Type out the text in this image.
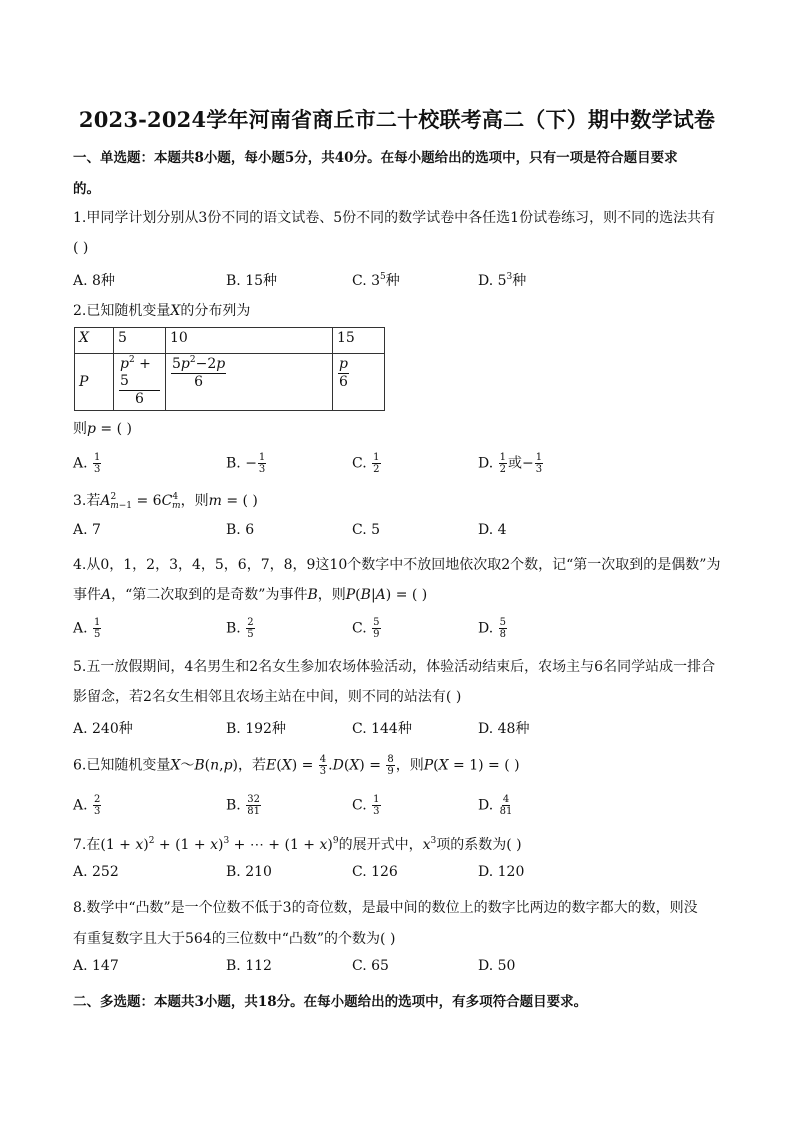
2023-2024学年河南省商丘市二十校联考高二（下）期中数学试卷
一、单选题：本题共8小题，每小题5分，共40分。在每小题给出的选项中，只有一项是符合题目要求
的。
1.甲同学计划分别从3份不同的语文试卷、5份不同的数学试卷中各任选1份试卷练习，则不同的选法共有
( )
A. 8种	B. 15种	C. $3^5$种	D. $5^3$种
2.已知随机变量X的分布列为
X	5	10	15
P	$\frac{p^2 + 5}{6}$	$\frac{5p^2-2p}{6}$	$\frac{p}{6}$
则p = ( )
A. $\frac{1}{3}$	B. − $\frac{1}{3}$	C. $\frac{1}{2}$	D. $\frac{1}{2}$ 或− $\frac{1}{3}$
3.若$A^2_{m-1} = 6C^4_m$，则m = ( )
A. 7	B. 6	C. 5	D. 4
4.从0，1，2，3，4，5，6，7，8，9这10个数字中不放回地依次取2个数，记“第一次取到的是偶数”为
事件A，“第二次取到的是奇数”为事件B，则P(B|A) = ( )
A. $\frac{1}{5}$	B. $\frac{2}{5}$	C. $\frac{5}{9}$	D. $\frac{5}{8}$
5.五一放假期间，4名男生和2名女生参加农场体验活动，体验活动结束后，农场主与6名同学站成一排合
影留念，若2名女生相邻且农场主站在中间，则不同的站法有( )
A. 240种	B. 192种	C. 144种	D. 48种
6.已知随机变量X～B(n,p)，若$E(X) = \frac{4}{3} .D(X) = \frac{8}{9}$ ，则P(X = 1) = ( )
A. $\frac{2}{3}$	B. $\frac{32}{81}$	C. $\frac{1}{3}$	D. $\frac{4}{81}$
7.在$(1 + x)^2 + (1 + x)^3$ + ⋯ + $(1 + x)^9$的展开式中，$x^3$项的系数为( )
A. 252	B. 210	C. 126	D. 120
8.数学中“凸数”是一个位数不低于3的奇位数，是最中间的数位上的数字比两边的数字都大的数，则没
有重复数字且大于564的三位数中“凸数”的个数为( )
A. 147	B. 112	C. 65	D. 50
二、多选题：本题共3小题，共18分。在每小题给出的选项中，有多项符合题目要求。
